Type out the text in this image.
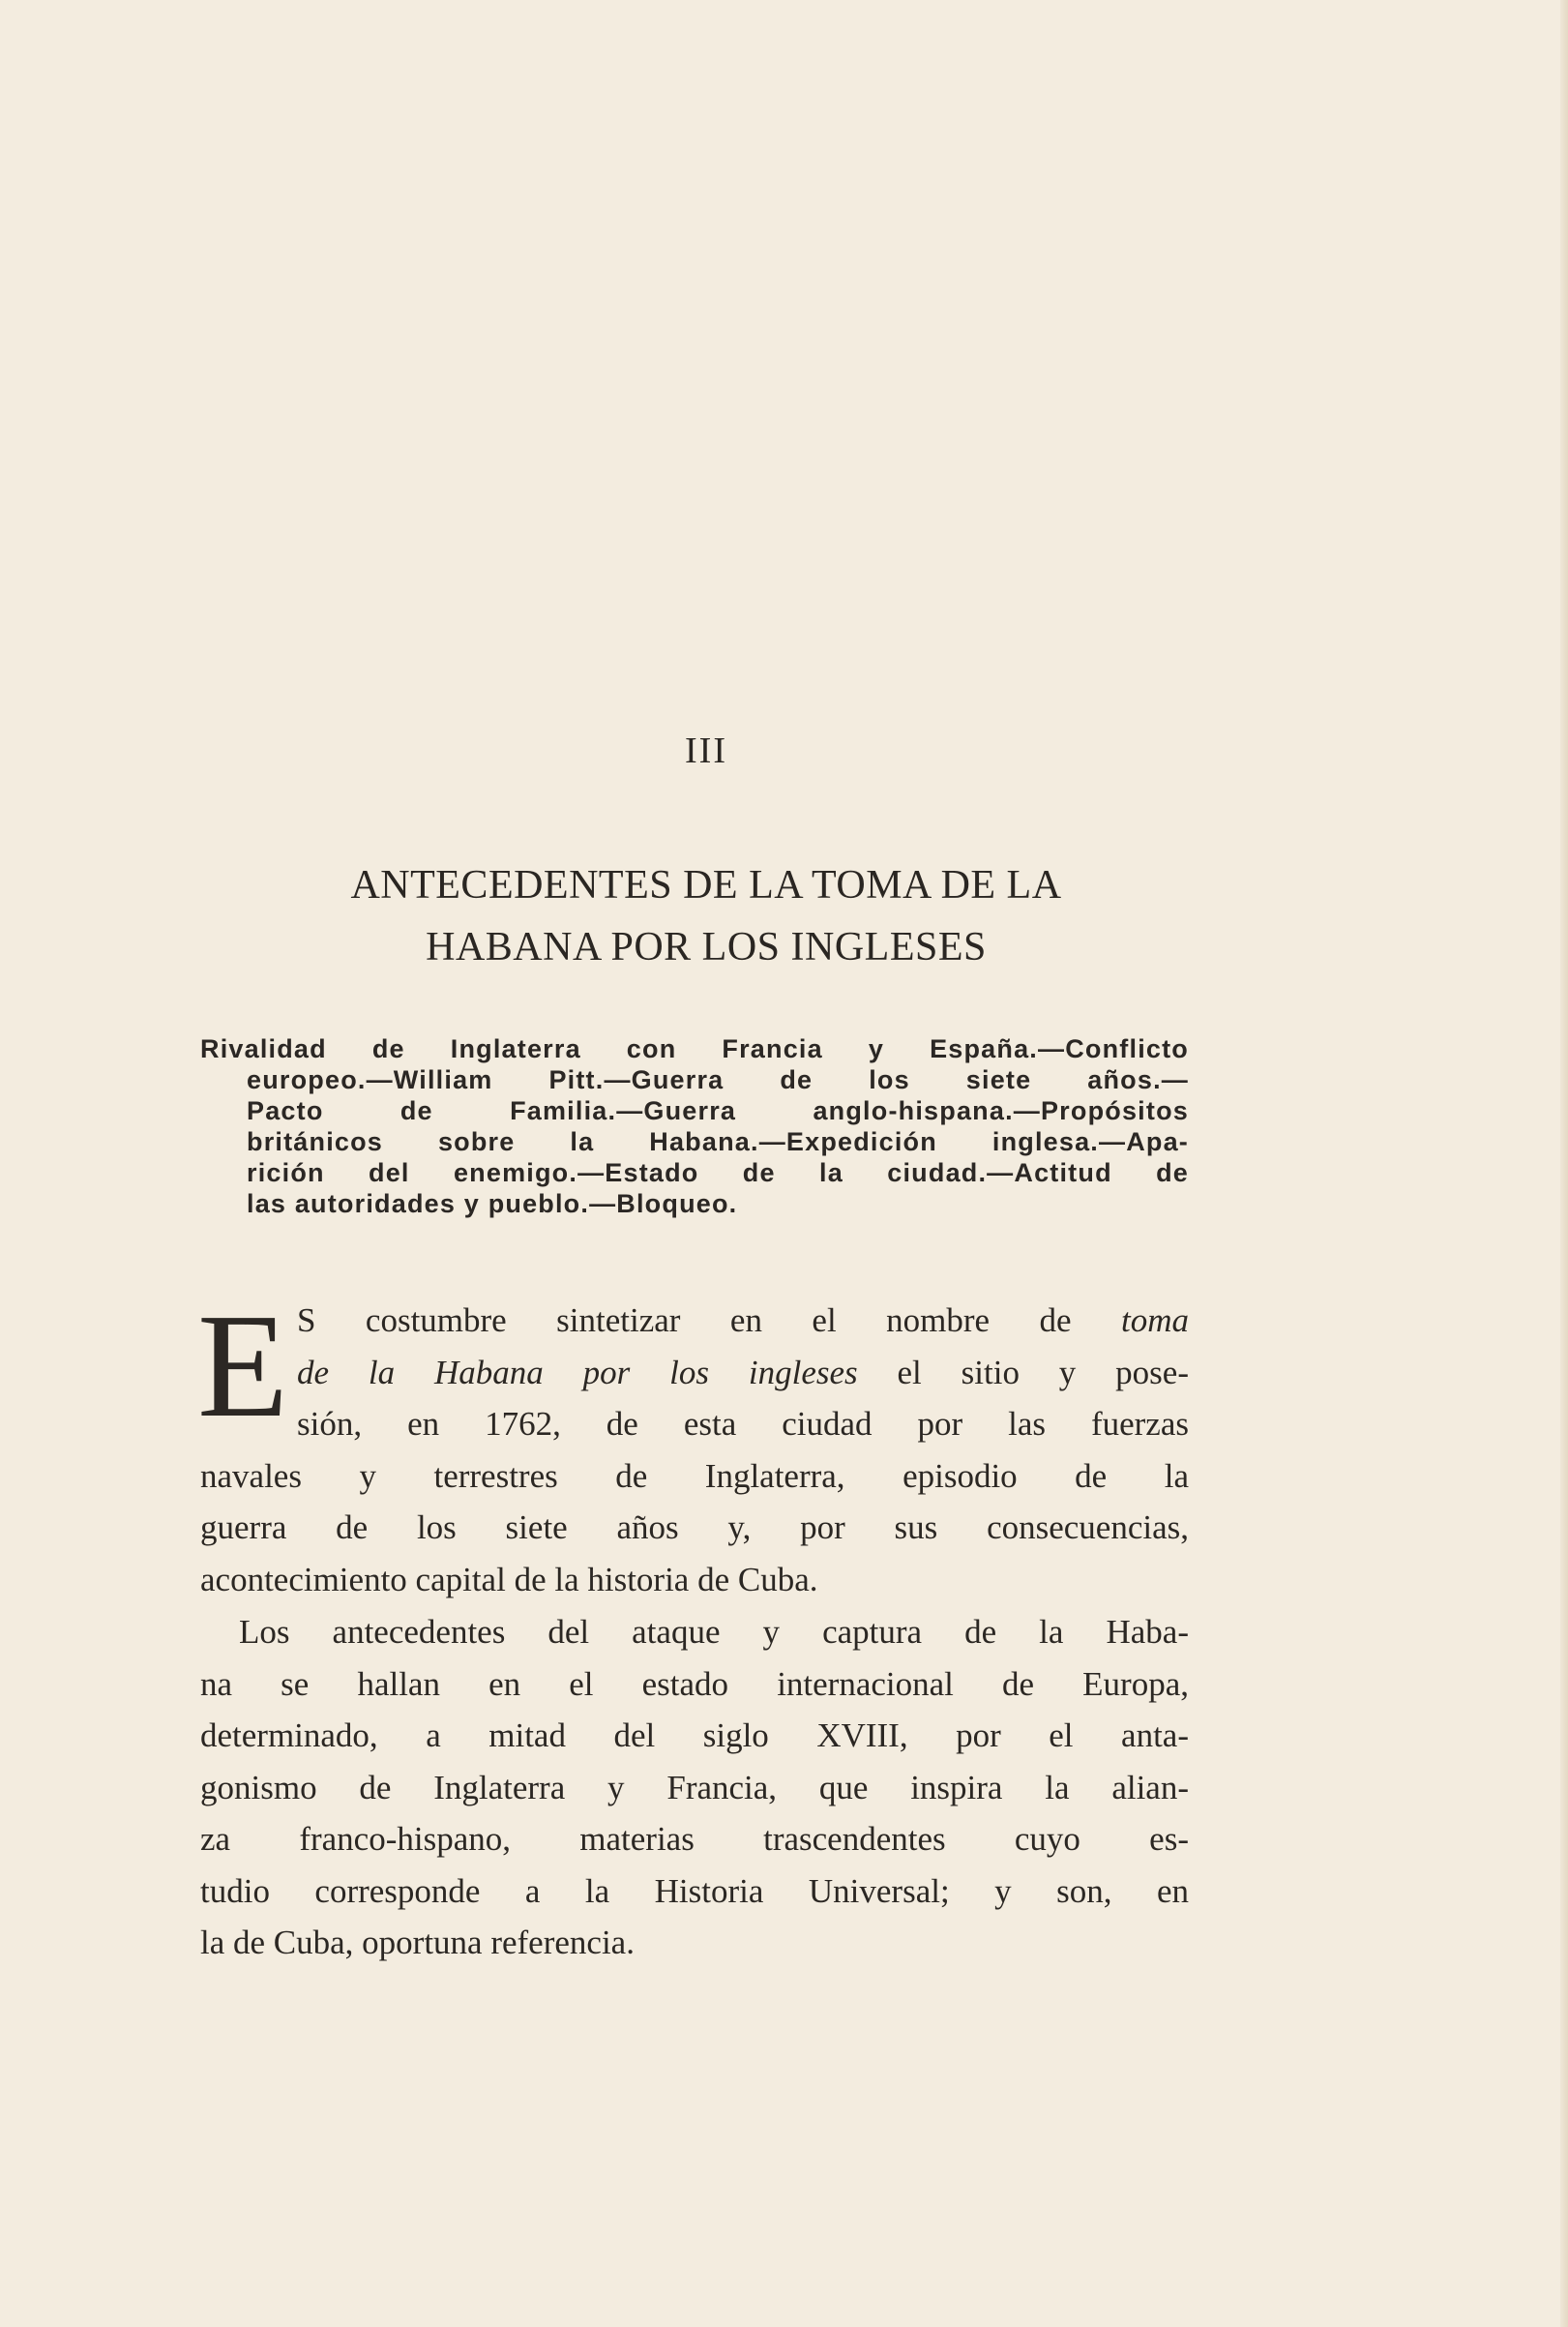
III
ANTECEDENTES DE LA TOMA DE LA
HABANA POR LOS INGLESES
Rivalidad de Inglaterra con Francia y España.—Conflicto
europeo.—William Pitt.—Guerra de los siete años.—
Pacto de Familia.—Guerra anglo-hispana.—Propósitos
británicos sobre la Habana.—Expedición inglesa.—Apa-
rición del enemigo.—Estado de la ciudad.—Actitud de
las autoridades y pueblo.—Bloqueo.
E S costumbre sintetizar en el nombre de toma
de la Habana por los ingleses el sitio y pose-
sión, en 1762, de esta ciudad por las fuerzas
navales y terrestres de Inglaterra, episodio de la
guerra de los siete años y, por sus consecuencias,
acontecimiento capital de la historia de Cuba.
Los antecedentes del ataque y captura de la Haba-
na se hallan en el estado internacional de Europa,
determinado, a mitad del siglo XVIII, por el anta-
gonismo de Inglaterra y Francia, que inspira la alian-
za franco-hispano, materias trascendentes cuyo es-
tudio corresponde a la Historia Universal; y son, en
la de Cuba, oportuna referencia.
